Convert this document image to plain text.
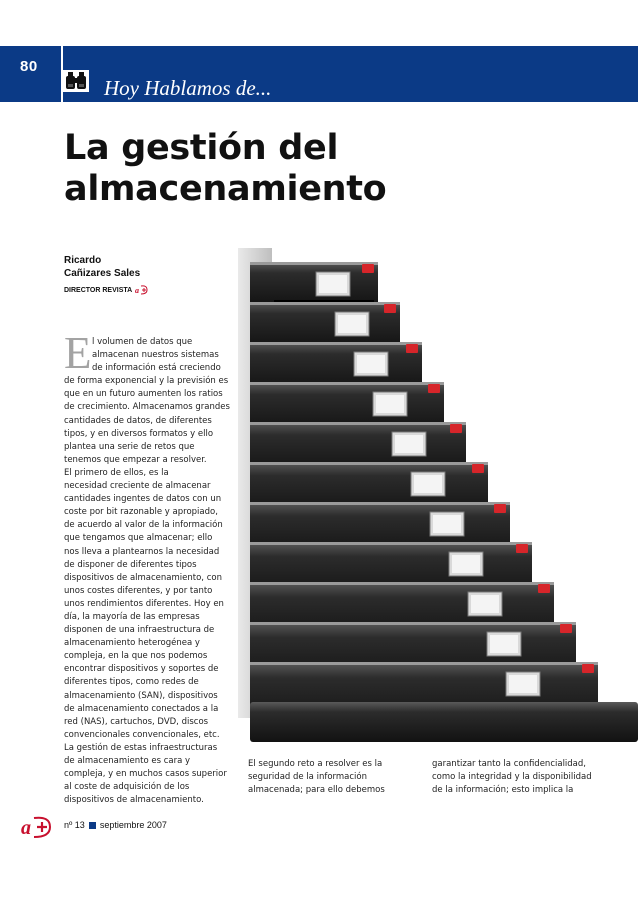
80
Hoy Hablamos de...
La gestión del
almacenamiento
Ricardo
Cañizares Sales
DIRECTOR REVISTA a
E l volumen de datos que
almacenan nuestros sistemas
de información está creciendo
de forma exponencial y la previsión es
que en un futuro aumenten los ratios
de crecimiento. Almacenamos grandes
cantidades de datos, de diferentes
tipos, y en diversos formatos y ello
plantea una serie de retos que
tenemos que empezar a resolver.
El primero de ellos, es la
necesidad creciente de almacenar
cantidades ingentes de datos con un
coste por bit razonable y apropiado,
de acuerdo al valor de la información
que tengamos que almacenar; ello
nos lleva a plantearnos la necesidad
de disponer de diferentes tipos
dispositivos de almacenamiento, con
unos costes diferentes, y por tanto
unos rendimientos diferentes. Hoy en
día, la mayoría de las empresas
disponen de una infraestructura de
almacenamiento heterogénea y
compleja, en la que nos podemos
encontrar dispositivos y soportes de
diferentes tipos, como redes de
almacenamiento (SAN), dispositivos
de almacenamiento conectados a la
red (NAS), cartuchos, DVD, discos
convencionales convencionales, etc.
La gestión de estas infraestructuras
de almacenamiento es cara y
compleja, y en muchos casos superior
al coste de adquisición de los
dispositivos de almacenamiento.
El segundo reto a resolver es la
seguridad de la información
almacenada; para ello debemos
garantizar tanto la confidencialidad,
como la integridad y la disponibilidad
de la información; esto implica la
a	nº 13 septiembre 2007
